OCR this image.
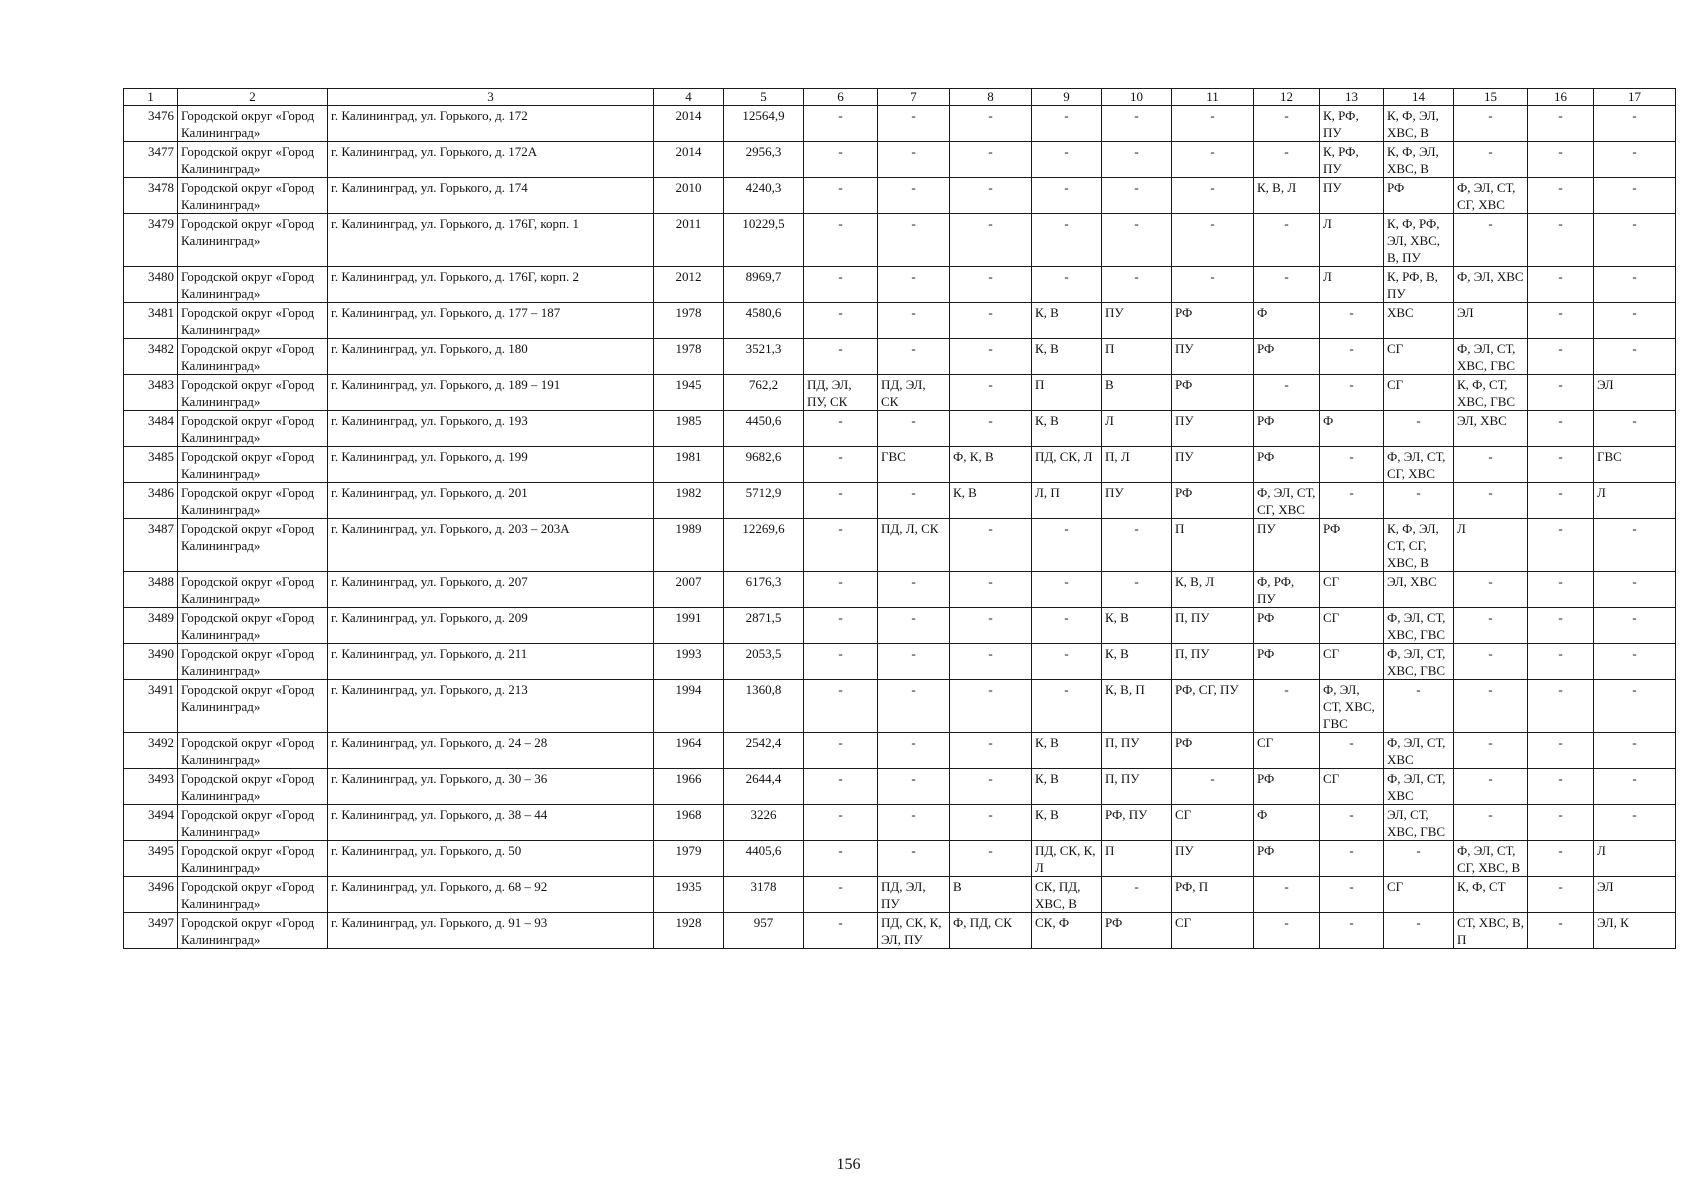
1	2	3	4	5	6	7	8	9	10	11	12	13	14	15	16	17
3476	Городской округ «Город Калининград»	г. Калининград, ул. Горького, д. 172	2014	12564,9	-	-	-	-	-	-	-	К, РФ, ПУ	К, Ф, ЭЛ, ХВС, В	-	-	-
3477	Городской округ «Город Калининград»	г. Калининград, ул. Горького, д. 172А	2014	2956,3	-	-	-	-	-	-	-	К, РФ, ПУ	К, Ф, ЭЛ, ХВС, В	-	-	-
3478	Городской округ «Город Калининград»	г. Калининград, ул. Горького, д. 174	2010	4240,3	-	-	-	-	-	-	К, В, Л	ПУ	РФ	Ф, ЭЛ, СТ, СГ, ХВС	-	-
3479	Городской округ «Город Калининград»	г. Калининград, ул. Горького, д. 176Г, корп. 1	2011	10229,5	-	-	-	-	-	-	-	Л	К, Ф, РФ, ЭЛ, ХВС, В, ПУ	-	-	-
3480	Городской округ «Город Калининград»	г. Калининград, ул. Горького, д. 176Г, корп. 2	2012	8969,7	-	-	-	-	-	-	-	Л	К, РФ, В, ПУ	Ф, ЭЛ, ХВС	-	-
3481	Городской округ «Город Калининград»	г. Калининград, ул. Горького, д. 177 – 187	1978	4580,6	-	-	-	К, В	ПУ	РФ	Ф	-	ХВС	ЭЛ	-	-
3482	Городской округ «Город Калининград»	г. Калининград, ул. Горького, д. 180	1978	3521,3	-	-	-	К, В	П	ПУ	РФ	-	СГ	Ф, ЭЛ, СТ, ХВС, ГВС	-	-
3483	Городской округ «Город Калининград»	г. Калининград, ул. Горького, д. 189 – 191	1945	762,2	ПД, ЭЛ, ПУ, СК	ПД, ЭЛ, СК	-	П	В	РФ	-	-	СГ	К, Ф, СТ, ХВС, ГВС	-	ЭЛ
3484	Городской округ «Город Калининград»	г. Калининград, ул. Горького, д. 193	1985	4450,6	-	-	-	К, В	Л	ПУ	РФ	Ф	-	ЭЛ, ХВС	-	-
3485	Городской округ «Город Калининград»	г. Калининград, ул. Горького, д. 199	1981	9682,6	-	ГВС	Ф, К, В	ПД, СК, Л	П, Л	ПУ	РФ	-	Ф, ЭЛ, СТ, СГ, ХВС	-	-	ГВС
3486	Городской округ «Город Калининград»	г. Калининград, ул. Горького, д. 201	1982	5712,9	-	-	К, В	Л, П	ПУ	РФ	Ф, ЭЛ, СТ, СГ, ХВС	-	-	-	-	Л
3487	Городской округ «Город Калининград»	г. Калининград, ул. Горького, д. 203 – 203А	1989	12269,6	-	ПД, Л, СК	-	-	-	П	ПУ	РФ	К, Ф, ЭЛ, СТ, СГ, ХВС, В	Л	-	-
3488	Городской округ «Город Калининград»	г. Калининград, ул. Горького, д. 207	2007	6176,3	-	-	-	-	-	К, В, Л	Ф, РФ, ПУ	СГ	ЭЛ, ХВС	-	-	-
3489	Городской округ «Город Калининград»	г. Калининград, ул. Горького, д. 209	1991	2871,5	-	-	-	-	К, В	П, ПУ	РФ	СГ	Ф, ЭЛ, СТ, ХВС, ГВС	-	-	-
3490	Городской округ «Город Калининград»	г. Калининград, ул. Горького, д. 211	1993	2053,5	-	-	-	-	К, В	П, ПУ	РФ	СГ	Ф, ЭЛ, СТ, ХВС, ГВС	-	-	-
3491	Городской округ «Город Калининград»	г. Калининград, ул. Горького, д. 213	1994	1360,8	-	-	-	-	К, В, П	РФ, СГ, ПУ	-	Ф, ЭЛ, СТ, ХВС, ГВС	-	-	-	-
3492	Городской округ «Город Калининград»	г. Калининград, ул. Горького, д. 24 – 28	1964	2542,4	-	-	-	К, В	П, ПУ	РФ	СГ	-	Ф, ЭЛ, СТ, ХВС	-	-	-
3493	Городской округ «Город Калининград»	г. Калининград, ул. Горького, д. 30 – 36	1966	2644,4	-	-	-	К, В	П, ПУ	-	РФ	СГ	Ф, ЭЛ, СТ, ХВС	-	-	-
3494	Городской округ «Город Калининград»	г. Калининград, ул. Горького, д. 38 – 44	1968	3226	-	-	-	К, В	РФ, ПУ	СГ	Ф	-	ЭЛ, СТ, ХВС, ГВС	-	-	-
3495	Городской округ «Город Калининград»	г. Калининград, ул. Горького, д. 50	1979	4405,6	-	-	-	ПД, СК, К, Л	П	ПУ	РФ	-	-	Ф, ЭЛ, СТ, СГ, ХВС, В	-	Л
3496	Городской округ «Город Калининград»	г. Калининград, ул. Горького, д. 68 – 92	1935	3178	-	ПД, ЭЛ, ПУ	В	СК, ПД, ХВС, В	-	РФ, П	-	-	СГ	К, Ф, СТ	-	ЭЛ
3497	Городской округ «Город Калининград»	г. Калининград, ул. Горького, д. 91 – 93	1928	957	-	ПД, СК, К, ЭЛ, ПУ	Ф, ПД, СК	СК, Ф	РФ	СГ	-	-	-	СТ, ХВС, В, П	-	ЭЛ, К
156
